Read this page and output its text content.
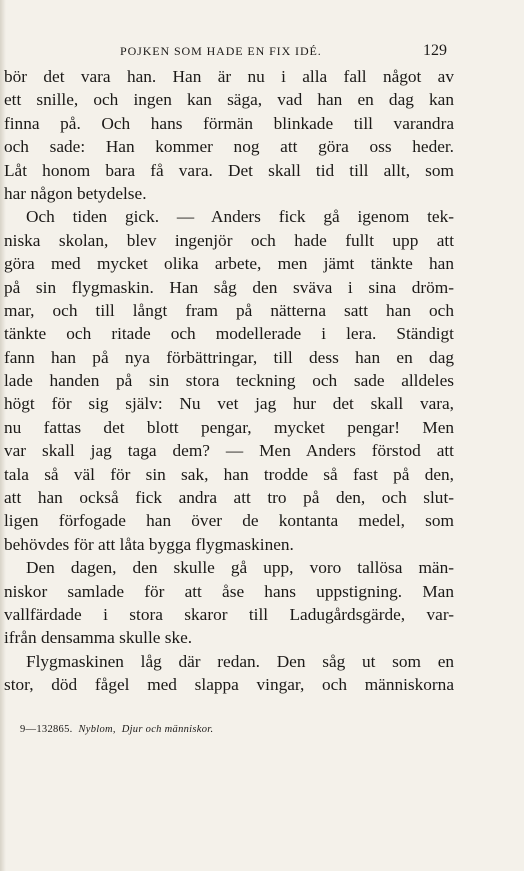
POJKEN SOM HADE EN FIX IDÉ.	129
bör det vara han. Han är nu i alla fall något av
ett snille, och ingen kan säga, vad han en dag kan
finna på. Och hans förmän blinkade till varandra
och sade: Han kommer nog att göra oss heder.
Låt honom bara få vara. Det skall tid till allt, som
har någon betydelse.
Och tiden gick. — Anders fick gå igenom tek-
niska skolan, blev ingenjör och hade fullt upp att
göra med mycket olika arbete, men jämt tänkte han
på sin flygmaskin. Han såg den sväva i sina dröm-
mar, och till långt fram på nätterna satt han och
tänkte och ritade och modellerade i lera. Ständigt
fann han på nya förbättringar, till dess han en dag
lade handen på sin stora teckning och sade alldeles
högt för sig själv: Nu vet jag hur det skall vara,
nu fattas det blott pengar, mycket pengar! Men
var skall jag taga dem? — Men Anders förstod att
tala så väl för sin sak, han trodde så fast på den,
att han också fick andra att tro på den, och slut-
ligen förfogade han över de kontanta medel, som
behövdes för att låta bygga flygmaskinen.
Den dagen, den skulle gå upp, voro tallösa män-
niskor samlade för att åse hans uppstigning. Man
vallfärdade i stora skaror till Ladugårdsgärde, var-
ifrån densamma skulle ske.
Flygmaskinen låg där redan. Den såg ut som en
stor, död fågel med slappa vingar, och människorna
9—132865. Nyblom, Djur och människor.
